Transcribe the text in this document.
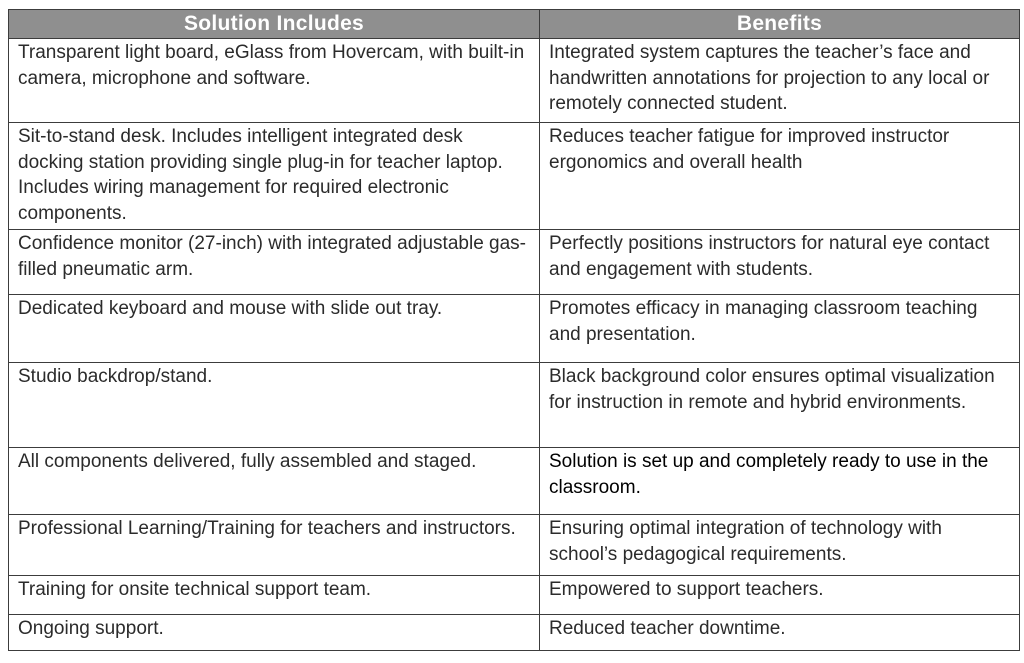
Solution Includes	Benefits
Transparent light board, eGlass from Hovercam, with built-in camera, microphone and software.	Integrated system captures the teacher’s face and handwritten annotations for projection to any local or remotely connected student.
Sit-to-stand desk. Includes intelligent integrated desk docking station providing single plug-in for teacher laptop. Includes wiring management for required electronic components.	Reduces teacher fatigue for improved instructor ergonomics and overall health
Confidence monitor (27-inch) with integrated adjustable gas-filled pneumatic arm.	Perfectly positions instructors for natural eye contact and engagement with students.
Dedicated keyboard and mouse with slide out tray.	Promotes efficacy in managing classroom teaching and presentation.
Studio backdrop/stand.	Black background color ensures optimal visualization for instruction in remote and hybrid environments.
All components delivered, fully assembled and staged.	Solution is set up and completely ready to use in the classroom.
Professional Learning/Training for teachers and instructors.	Ensuring optimal integration of technology with school’s pedagogical requirements.
Training for onsite technical support team.	Empowered to support teachers.
Ongoing support.	Reduced teacher downtime.
